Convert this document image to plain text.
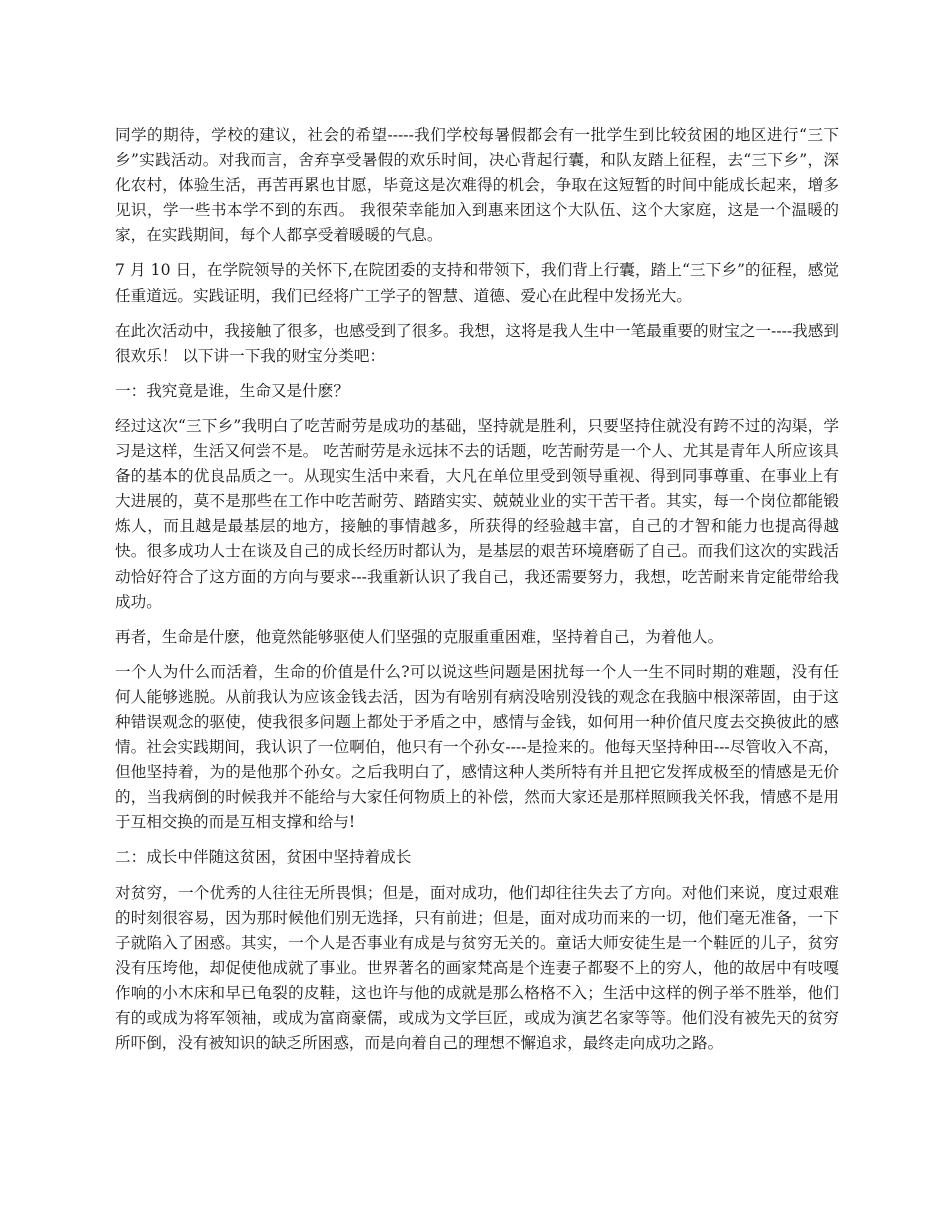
同学的期待，学校的建议，社会的希望-----我们学校每暑假都会有一批学生到比较贫困的地区进行“三下乡”实践活动。对我而言，舍弃享受暑假的欢乐时间，决心背起行囊，和队友踏上征程，去“三下乡”，深化农村，体验生活，再苦再累也甘愿，毕竟这是次难得的机会，争取在这短暂的时间中能成长起来，增多见识，学一些书本学不到的东西。 我很荣幸能加入到惠来团这个大队伍、这个大家庭，这是一个温暖的家，在实践期间，每个人都享受着暖暖的气息。

7 月 10 日，在学院领导的关怀下,在院团委的支持和带领下，我们背上行囊，踏上“三下乡”的征程，感觉任重道远。实践证明，我们已经将广工学子的智慧、道德、爱心在此程中发扬光大。

在此次活动中，我接触了很多，也感受到了很多。我想，这将是我人生中一笔最重要的财宝之一----我感到很欢乐！ 以下讲一下我的财宝分类吧：

一：我究竟是谁，生命又是什麽？

经过这次“三下乡”我明白了吃苦耐劳是成功的基础，坚持就是胜利，只要坚持住就没有跨不过的沟渠，学习是这样，生活又何尝不是。 吃苦耐劳是永远抹不去的话题，吃苦耐劳是一个人、尤其是青年人所应该具备的基本的优良品质之一。从现实生活中来看，大凡在单位里受到领导重视、得到同事尊重、在事业上有大进展的，莫不是那些在工作中吃苦耐劳、踏踏实实、兢兢业业的实干苦干者。其实，每一个岗位都能锻炼人，而且越是最基层的地方，接触的事情越多，所获得的经验越丰富，自己的才智和能力也提高得越快。很多成功人士在谈及自己的成长经历时都认为，是基层的艰苦环境磨砺了自己。而我们这次的实践活动恰好符合了这方面的方向与要求---我重新认识了我自己，我还需要努力，我想，吃苦耐来肯定能带给我成功。

再者，生命是什麽，他竟然能够驱使人们坚强的克服重重困难，坚持着自己，为着他人。

一个人为什么而活着，生命的价值是什么?可以说这些问题是困扰每一个人一生不同时期的难题，没有任何人能够逃脱。从前我认为应该金钱去活，因为有啥别有病没啥别没钱的观念在我脑中根深蒂固，由于这种错误观念的驱使，使我很多问题上都处于矛盾之中，感情与金钱，如何用一种价值尺度去交换彼此的感情。社会实践期间，我认识了一位啊伯，他只有一个孙女----是捡来的。他每天坚持种田---尽管收入不高，但他坚持着，为的是他那个孙女。之后我明白了，感情这种人类所特有并且把它发挥成极至的情感是无价的，当我病倒的时候我并不能给与大家任何物质上的补偿，然而大家还是那样照顾我关怀我，情感不是用于互相交换的而是互相支撑和给与!

二：成长中伴随这贫困，贫困中坚持着成长

对贫穷，一个优秀的人往往无所畏惧；但是，面对成功，他们却往往失去了方向。对他们来说，度过艰难的时刻很容易，因为那时候他们别无选择，只有前进；但是，面对成功而来的一切，他们毫无准备，一下子就陷入了困惑。其实，一个人是否事业有成是与贫穷无关的。童话大师安徒生是一个鞋匠的儿子，贫穷没有压垮他，却促使他成就了事业。世界著名的画家梵高是个连妻子都娶不上的穷人，他的故居中有吱嘎作响的小木床和早已龟裂的皮鞋，这也许与他的成就是那么格格不入；生活中这样的例子举不胜举，他们有的或成为将军领袖，或成为富商豪儒，或成为文学巨匠，或成为演艺名家等等。他们没有被先天的贫穷所吓倒，没有被知识的缺乏所困惑，而是向着自己的理想不懈追求，最终走向成功之路。
